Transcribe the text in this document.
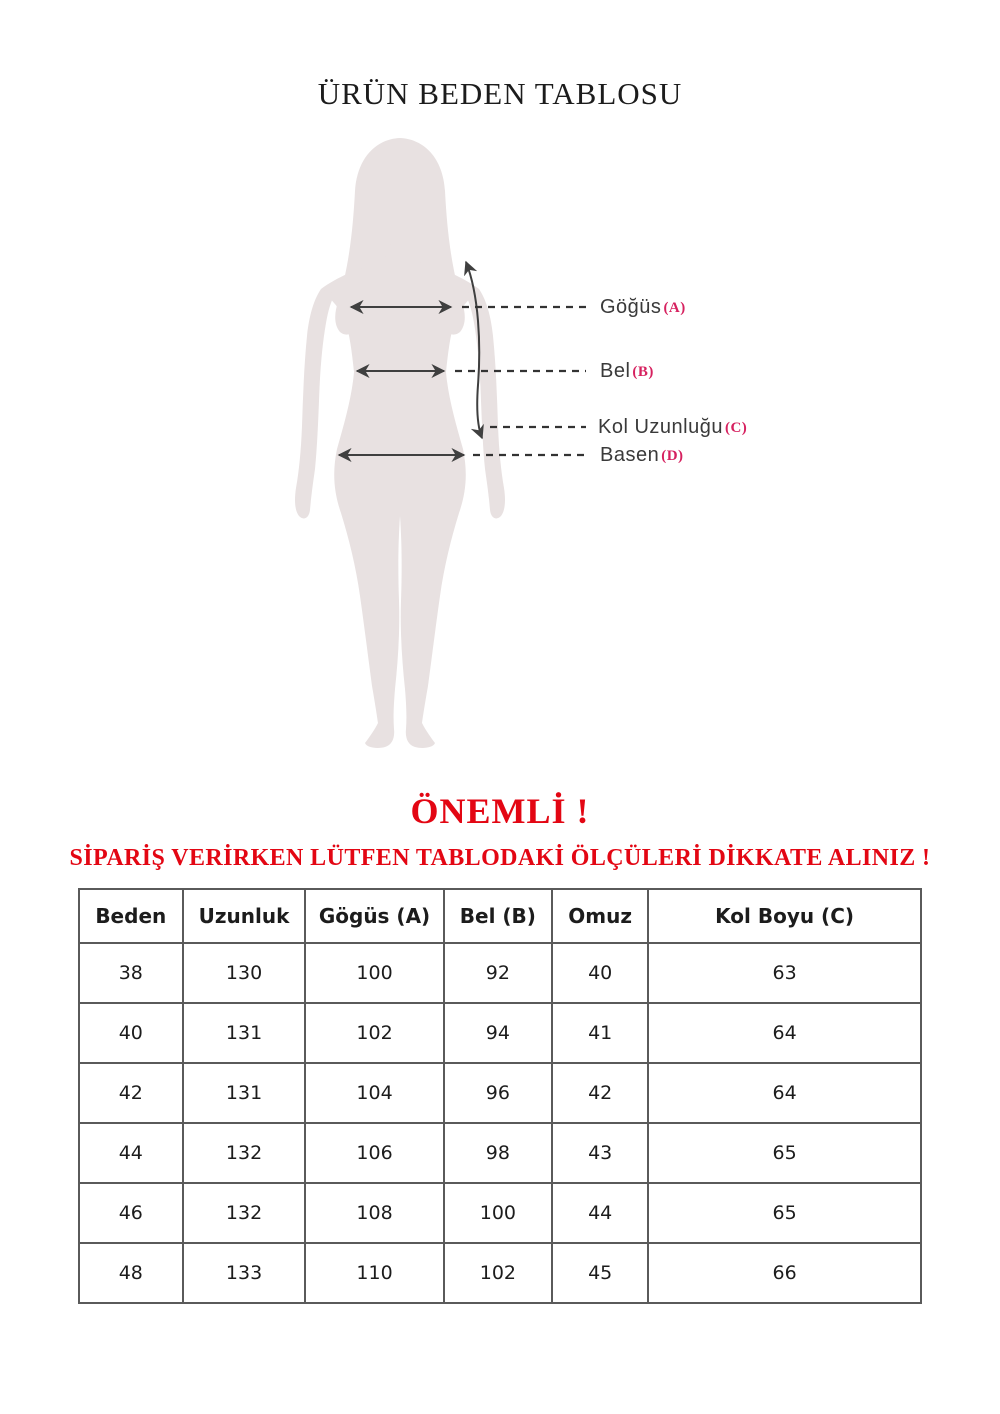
ÜRÜN BEDEN TABLOSU
Göğüs (A)
Bel (B)
Kol Uzunluğu (C)
Basen (D)
ÖNEMLİ !
SİPARİŞ VERİRKEN LÜTFEN TABLODAKİ ÖLÇÜLERİ DİKKATE ALINIZ !
Beden	Uzunluk	Gögüs (A)	Bel (B)	Omuz	Kol Boyu (C)
38	130	100	92	40	63
40	131	102	94	41	64
42	131	104	96	42	64
44	132	106	98	43	65
46	132	108	100	44	65
48	133	110	102	45	66
